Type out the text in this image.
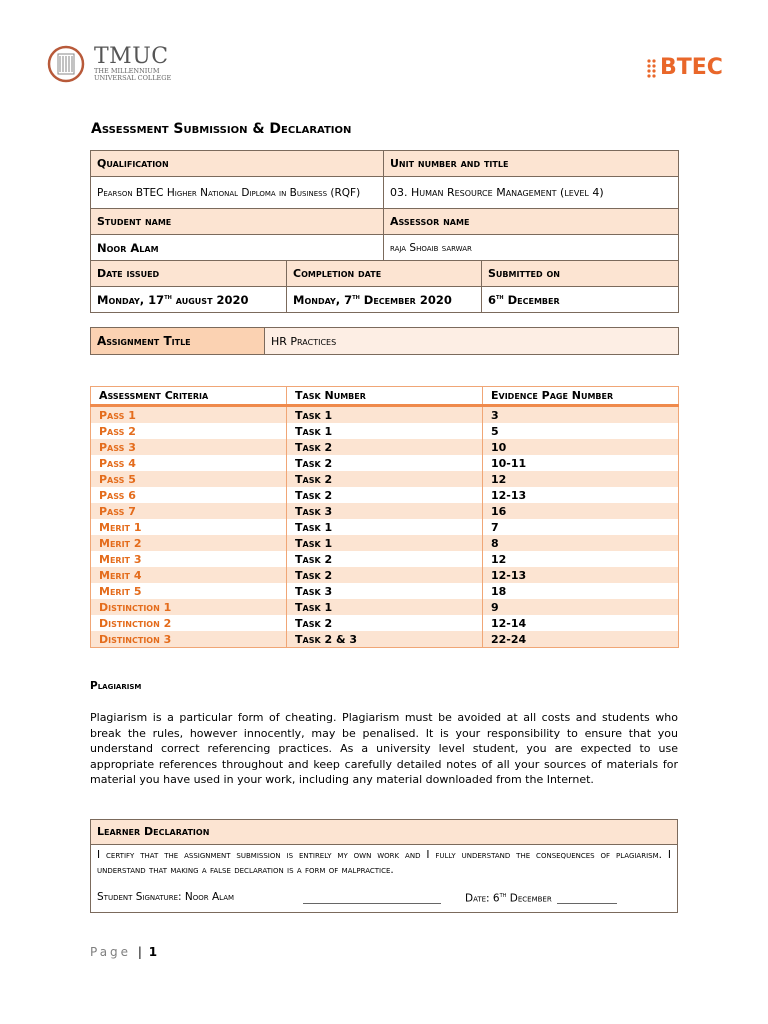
TMUC
THE MILLENNIUM UNIVERSAL COLLEGE	BTEC
Assessment Submission & Declaration
Qualification		Unit number and title	
Pearson BTEC Higher National Diploma in Business (RQF)		03. Human Resource Management (level 4)	
Student name		Assessor name	
Noor Alam		raja Shoaib sarwar	
Date issued	Completion date		Submitted on
Monday, 17th august 2020	Monday, 7th December 2020		6th December
Assignment Title	HR Practices
Assessment Criteria	Task Number	Evidence Page Number
Pass 1	Task 1	3
Pass 2	Task 1	5
Pass 3	Task 2	10
Pass 4	Task 2	10-11
Pass 5	Task 2	12
Pass 6	Task 2	12-13
Pass 7	Task 3	16
Merit 1	Task 1	7
Merit 2	Task 1	8
Merit 3	Task 2	12
Merit 4	Task 2	12-13
Merit 5	Task 3	18
Distinction 1	Task 1	9
Distinction 2	Task 2	12-14
Distinction 3	Task 2 & 3	22-24
Plagiarism
Plagiarism is a particular form of cheating. Plagiarism must be avoided at all costs and students who break the rules, however innocently, may be penalised. It is your responsibility to ensure that you understand correct referencing practices. As a university level student, you are expected to use appropriate references throughout and keep carefully detailed notes of all your sources of materials for material you have used in your work, including any material downloaded from the Internet.
Learner Declaration
I certify that the assignment submission is entirely my own work and I fully understand the consequences of plagiarism. I understand that making a false declaration is a form of malpractice.
Student Signature: Noor Alam	Date: 6th December
Page | 1
